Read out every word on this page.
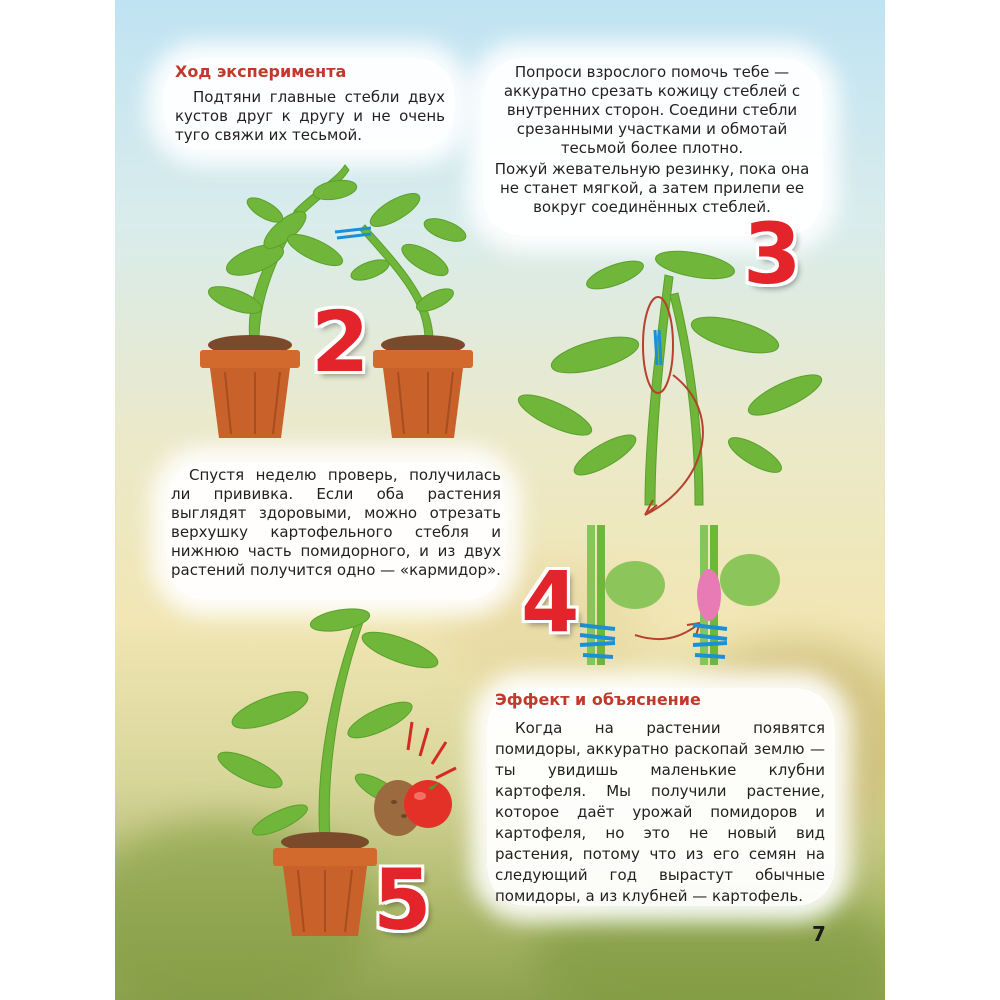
Ход эксперимента
Подтяни главные стебли двух кустов друг к другу и не очень туго свяжи их тесьмой.

Попроси взрослого помочь тебе — аккуратно срезать кожицу стеблей с внутренних сторон. Соедини стебли срезанными участками и обмотай тесьмой более плотно.

Пожуй жевательную резинку, пока она не станет мягкой, а затем прилепи ее вокруг соединённых стеблей.

Спустя неделю проверь, получилась ли прививка. Если оба растения выглядят здоровыми, можно отрезать верхушку картофельного стебля и нижнюю часть помидорного, и из двух растений получится одно — «кармидор».
Эффект и объяснение
Когда на растении появятся помидоры, аккуратно раскопай землю — ты увидишь маленькие клубни картофеля. Мы получили растение, которое даёт урожай помидоров и картофеля, но это не новый вид растения, потому что из его семян на следующий год вырастут обычные помидоры, а из клубней — картофель.
2
3
4
5	7
